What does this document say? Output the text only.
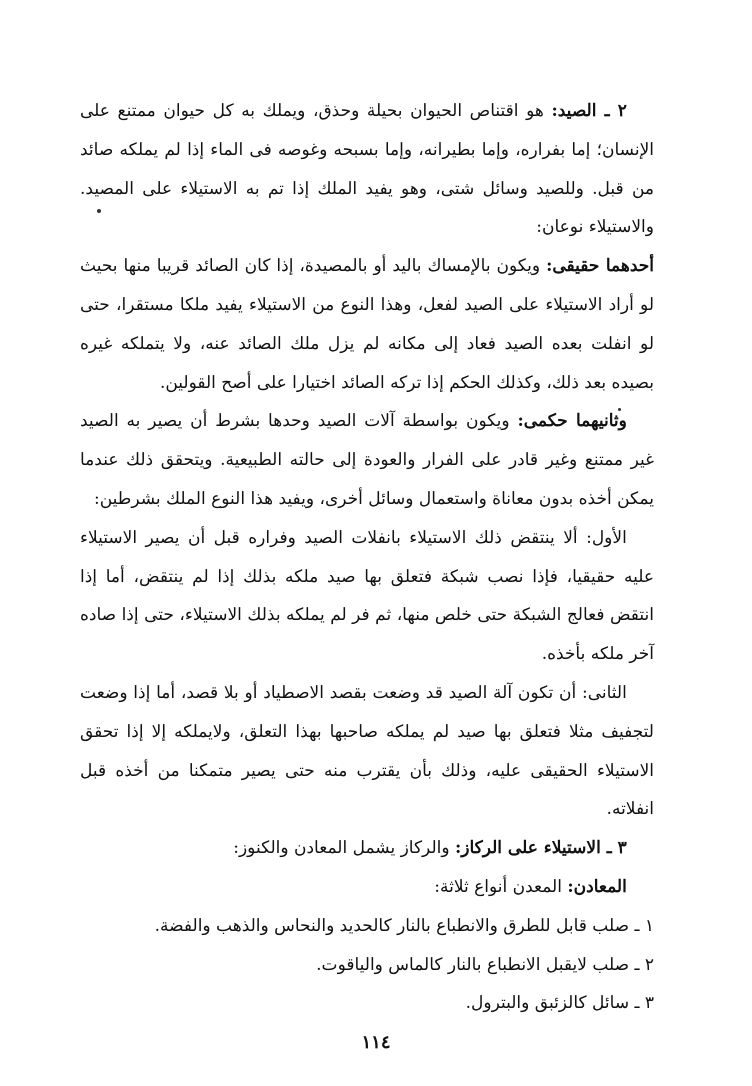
٢ ـ الصيد: هو اقتناص الحيوان بحيلة وحذق، ويملك به كل حيوان ممتنع على الإنسان؛ إما بفراره، وإما بطيرانه، وإما بسبحه وغوصه فى الماء إذا لم يملكه صائد من قبل. وللصيد وسائل شتى، وهو يفيد الملك إذا تم به الاستيلاء على المصيد. والاستيلاء نوعان:

أحدهما حقيقى: ويكون بالإمساك باليد أو بالمصيدة، إذا كان الصائد قريبا منها بحيث لو أراد الاستيلاء على الصيد لفعل، وهذا النوع من الاستيلاء يفيد ملكا مستقرا، حتى لو انفلت بعده الصيد فعاد إلى مكانه لم يزل ملك الصائد عنه، ولا يتملكه غيره بصيده بعد ذلك، وكذلك الحكم إذا تركه الصائد اختيارا على أصح القولين.

وثانيهما حكمى: ويكون بواسطة آلات الصيد وحدها بشرط أن يصير به الصيد غير ممتنع وغير قادر على الفرار والعودة إلى حالته الطبيعية. ويتحقق ذلك عندما يمكن أخذه بدون معاناة واستعمال وسائل أخرى، ويفيد هذا النوع الملك بشرطين:

الأول: ألا ينتقض ذلك الاستيلاء بانفلات الصيد وفراره قبل أن يصير الاستيلاء عليه حقيقيا، فإذا نصب شبكة فتعلق بها صيد ملكه بذلك إذا لم ينتقض، أما إذا انتقض فعالج الشبكة حتى خلص منها، ثم فر لم يملكه بذلك الاستيلاء، حتى إذا صاده آخر ملكه بأخذه.

الثانى: أن تكون آلة الصيد قد وضعت بقصد الاصطياد أو بلا قصد، أما إذا وضعت لتجفيف مثلا فتعلق بها صيد لم يملكه صاحبها بهذا التعلق، ولايملكه إلا إذا تحقق الاستيلاء الحقيقى عليه، وذلك بأن يقترب منه حتى يصير متمكنا من أخذه قبل انفلاته.

٣ ـ الاستيلاء على الركاز: والركاز يشمل المعادن والكنوز:

المعادن: المعدن أنواع ثلاثة:

١ ـ صلب قابل للطرق والانطباع بالنار كالحديد والنحاس والذهب والفضة.

٢ ـ صلب لايقبل الانطباع بالنار كالماس والياقوت.

٣ ـ سائل كالزئبق والبترول.

١١٤
